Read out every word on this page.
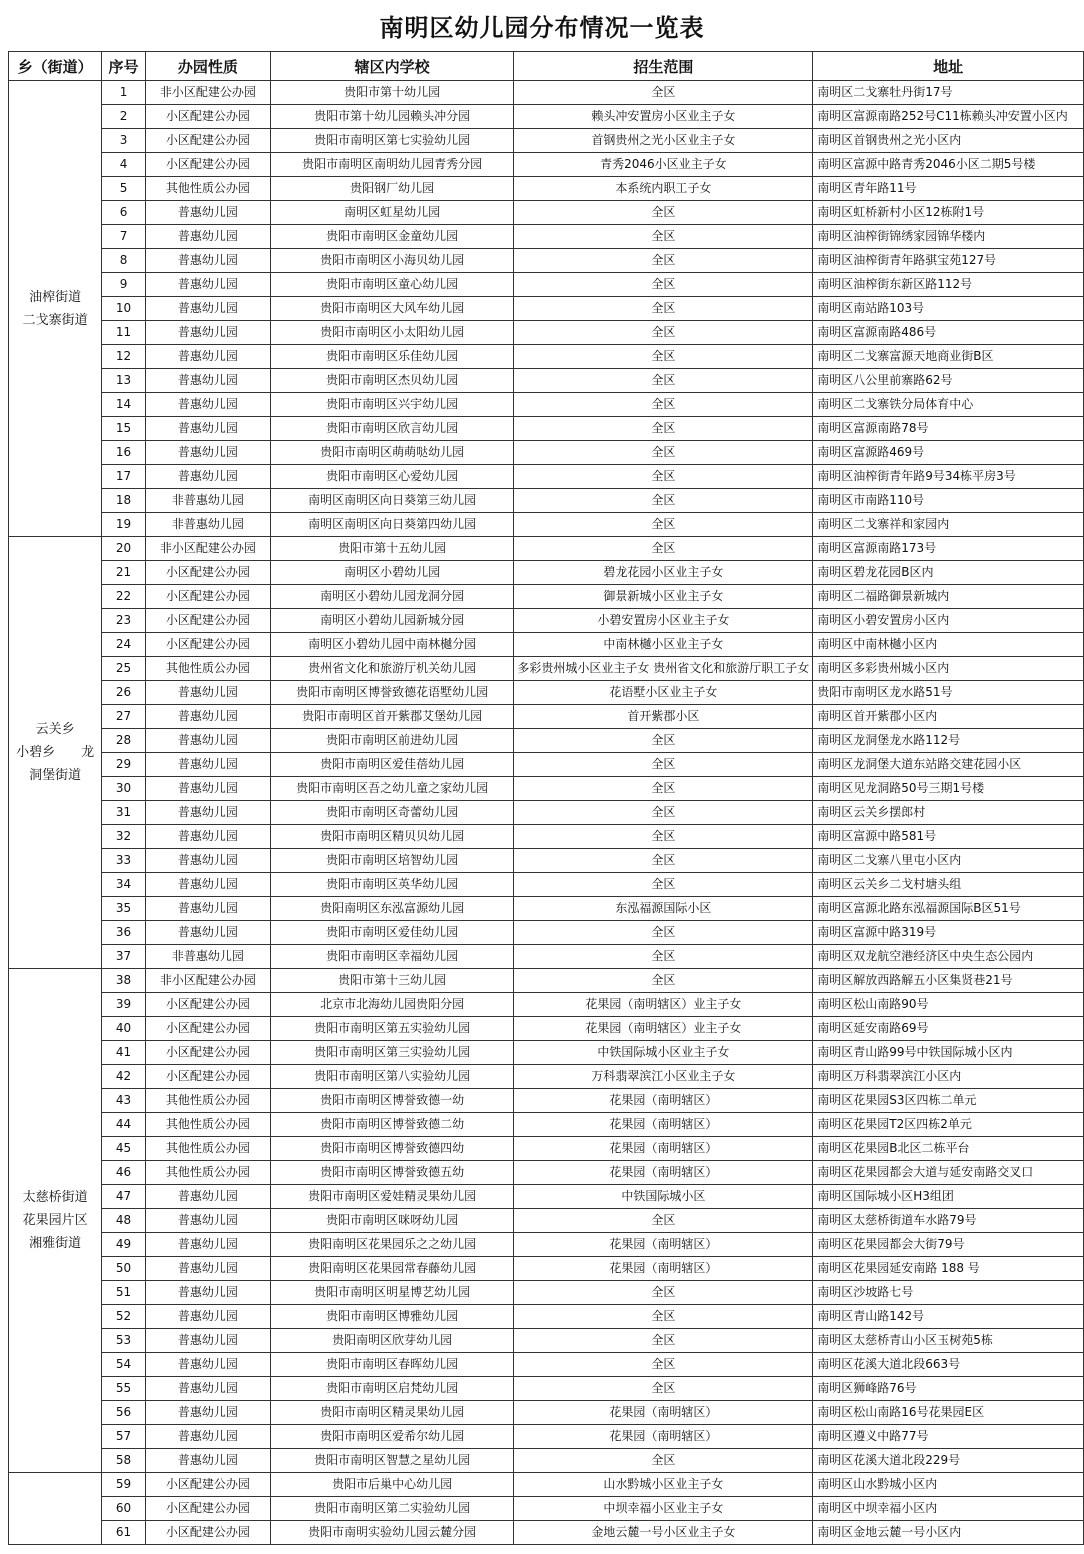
南明区幼儿园分布情况一览表
乡（街道）	序号	办园性质	辖区内学校	招生范围	地址

油榨街道
二戈寨街道	1	非小区配建公办园	贵阳市第十幼儿园	全区	南明区二戈寨牡丹街17号
	2	小区配建公办园	贵阳市第十幼儿园赖头冲分园	赖头冲安置房小区业主子女	南明区富源南路252号C11栋赖头冲安置小区内
	3	小区配建公办园	贵阳市南明区第七实验幼儿园	首钢贵州之光小区业主子女	南明区首钢贵州之光小区内
	4	小区配建公办园	贵阳市南明区南明幼儿园青秀分园	青秀2046小区业主子女	南明区富源中路青秀2046小区二期5号楼
	5	其他性质公办园	贵阳钢厂幼儿园	本系统内职工子女	南明区青年路11号
	6	普惠幼儿园	南明区虹星幼儿园	全区	南明区虹桥新村小区12栋附1号
	7	普惠幼儿园	贵阳市南明区金童幼儿园	全区	南明区油榨街锦绣家园锦华楼内
	8	普惠幼儿园	贵阳市南明区小海贝幼儿园	全区	南明区油榨街青年路骐宝苑127号
	9	普惠幼儿园	贵阳市南明区童心幼儿园	全区	南明区油榨街东新区路112号
	10	普惠幼儿园	贵阳市南明区大风车幼儿园	全区	南明区南站路103号
	11	普惠幼儿园	贵阳市南明区小太阳幼儿园	全区	南明区富源南路486号
	12	普惠幼儿园	贵阳市南明区乐佳幼儿园	全区	南明区二戈寨富源天地商业街B区
	13	普惠幼儿园	贵阳市南明区杰贝幼儿园	全区	南明区八公里前寨路62号
	14	普惠幼儿园	贵阳市南明区兴宇幼儿园	全区	南明区二戈寨铁分局体育中心
	15	普惠幼儿园	贵阳市南明区欣言幼儿园	全区	南明区富源南路78号
	16	普惠幼儿园	贵阳市南明区萌萌哒幼儿园	全区	南明区富源路469号
	17	普惠幼儿园	贵阳市南明区心爱幼儿园	全区	南明区油榨街青年路9号34栋平房3号
	18	非普惠幼儿园	南明区南明区向日葵第三幼儿园	全区	南明区市南路110号
	19	非普惠幼儿园	南明区南明区向日葵第四幼儿园	全区	南明区二戈寨祥和家园内

云关乡
小碧乡　　龙
洞堡街道	20	非小区配建公办园	贵阳市第十五幼儿园	全区	南明区富源南路173号
	21	小区配建公办园	南明区小碧幼儿园	碧龙花园小区业主子女	南明区碧龙花园B区内
	22	小区配建公办园	南明区小碧幼儿园龙洞分园	御景新城小区业主子女	南明区二福路御景新城内
	23	小区配建公办园	南明区小碧幼儿园新城分园	小碧安置房小区业主子女	南明区小碧安置房小区内
	24	小区配建公办园	南明区小碧幼儿园中南林樾分园	中南林樾小区业主子女	南明区中南林樾小区内
	25	其他性质公办园	贵州省文化和旅游厅机关幼儿园	多彩贵州城小区业主子女 贵州省文化和旅游厅职工子女	南明区多彩贵州城小区内
	26	普惠幼儿园	贵阳市南明区博誉致德花语墅幼儿园	花语墅小区业主子女	贵阳市南明区龙水路51号
	27	普惠幼儿园	贵阳市南明区首开紫郡艾堡幼儿园	首开紫郡小区	南明区首开紫郡小区内
	28	普惠幼儿园	贵阳市南明区前进幼儿园	全区	南明区龙洞堡龙水路112号
	29	普惠幼儿园	贵阳市南明区爱佳蓓幼儿园	全区	南明区龙洞堡大道东站路交建花园小区
	30	普惠幼儿园	贵阳市南明区吾之幼儿童之家幼儿园	全区	南明区见龙洞路50号三期1号楼
	31	普惠幼儿园	贵阳市南明区奇蕾幼儿园	全区	南明区云关乡摆郎村
	32	普惠幼儿园	贵阳市南明区精贝贝幼儿园	全区	南明区富源中路581号
	33	普惠幼儿园	贵阳市南明区培智幼儿园	全区	南明区二戈寨八里屯小区内
	34	普惠幼儿园	贵阳市南明区英华幼儿园	全区	南明区云关乡二戈村塘头组
	35	普惠幼儿园	贵阳南明区东泓富源幼儿园	东泓福源国际小区	南明区富源北路东泓福源国际B区51号
	36	普惠幼儿园	贵阳市南明区爱佳幼儿园	全区	南明区富源中路319号
	37	非普惠幼儿园	贵阳市南明区幸福幼儿园	全区	南明区双龙航空港经济区中央生态公园内

太慈桥街道
花果园片区
湘雅街道	38	非小区配建公办园	贵阳市第十三幼儿园	全区	南明区解放西路解五小区集贤巷21号
	39	小区配建公办园	北京市北海幼儿园贵阳分园	花果园（南明辖区）业主子女	南明区松山南路90号
	40	小区配建公办园	贵阳市南明区第五实验幼儿园	花果园（南明辖区）业主子女	南明区延安南路69号
	41	小区配建公办园	贵阳市南明区第三实验幼儿园	中铁国际城小区业主子女	南明区青山路99号中铁国际城小区内
	42	小区配建公办园	贵阳市南明区第八实验幼儿园	万科翡翠滨江小区业主子女	南明区万科翡翠滨江小区内
	43	其他性质公办园	贵阳市南明区博誉致德一幼	花果园（南明辖区）	南明区花果园S3区四栋二单元
	44	其他性质公办园	贵阳市南明区博誉致德二幼	花果园（南明辖区）	南明区花果园T2区四栋2单元
	45	其他性质公办园	贵阳市南明区博誉致德四幼	花果园（南明辖区）	南明区花果园B北区二栋平台
	46	其他性质公办园	贵阳市南明区博誉致德五幼	花果园（南明辖区）	南明区花果园都会大道与延安南路交叉口
	47	普惠幼儿园	贵阳市南明区爱娃精灵果幼儿园	中铁国际城小区	南明区国际城小区H3组团
	48	普惠幼儿园	贵阳市南明区咪呀幼儿园	全区	南明区太慈桥街道车水路79号
	49	普惠幼儿园	贵阳南明区花果园乐之之幼儿园	花果园（南明辖区）	南明区花果园都会大街79号
	50	普惠幼儿园	贵阳南明区花果园常春藤幼儿园	花果园（南明辖区）	南明区花果园延安南路 188 号
	51	普惠幼儿园	贵阳市南明区明星博艺幼儿园	全区	南明区沙坡路七号
	52	普惠幼儿园	贵阳市南明区博雅幼儿园	全区	南明区青山路142号
	53	普惠幼儿园	贵阳南明区欣芽幼儿园	全区	南明区太慈桥青山小区玉树苑5栋
	54	普惠幼儿园	贵阳市南明区春晖幼儿园	全区	南明区花溪大道北段663号
	55	普惠幼儿园	贵阳市南明区启梵幼儿园	全区	南明区狮峰路76号
	56	普惠幼儿园	贵阳市南明区精灵果幼儿园	花果园（南明辖区）	南明区松山南路16号花果园E区
	57	普惠幼儿园	贵阳市南明区爱希尔幼儿园	花果园（南明辖区）	南明区遵义中路77号
	58	普惠幼儿园	贵阳市南明区智慧之星幼儿园	全区	南明区花溪大道北段229号
	59	小区配建公办园	贵阳市后巢中心幼儿园	山水黔城小区业主子女	南明区山水黔城小区内
	60	小区配建公办园	贵阳市南明区第二实验幼儿园	中坝幸福小区业主子女	南明区中坝幸福小区内
	61	小区配建公办园	贵阳市南明实验幼儿园云麓分园	金地云麓一号小区业主子女	南明区金地云麓一号小区内
